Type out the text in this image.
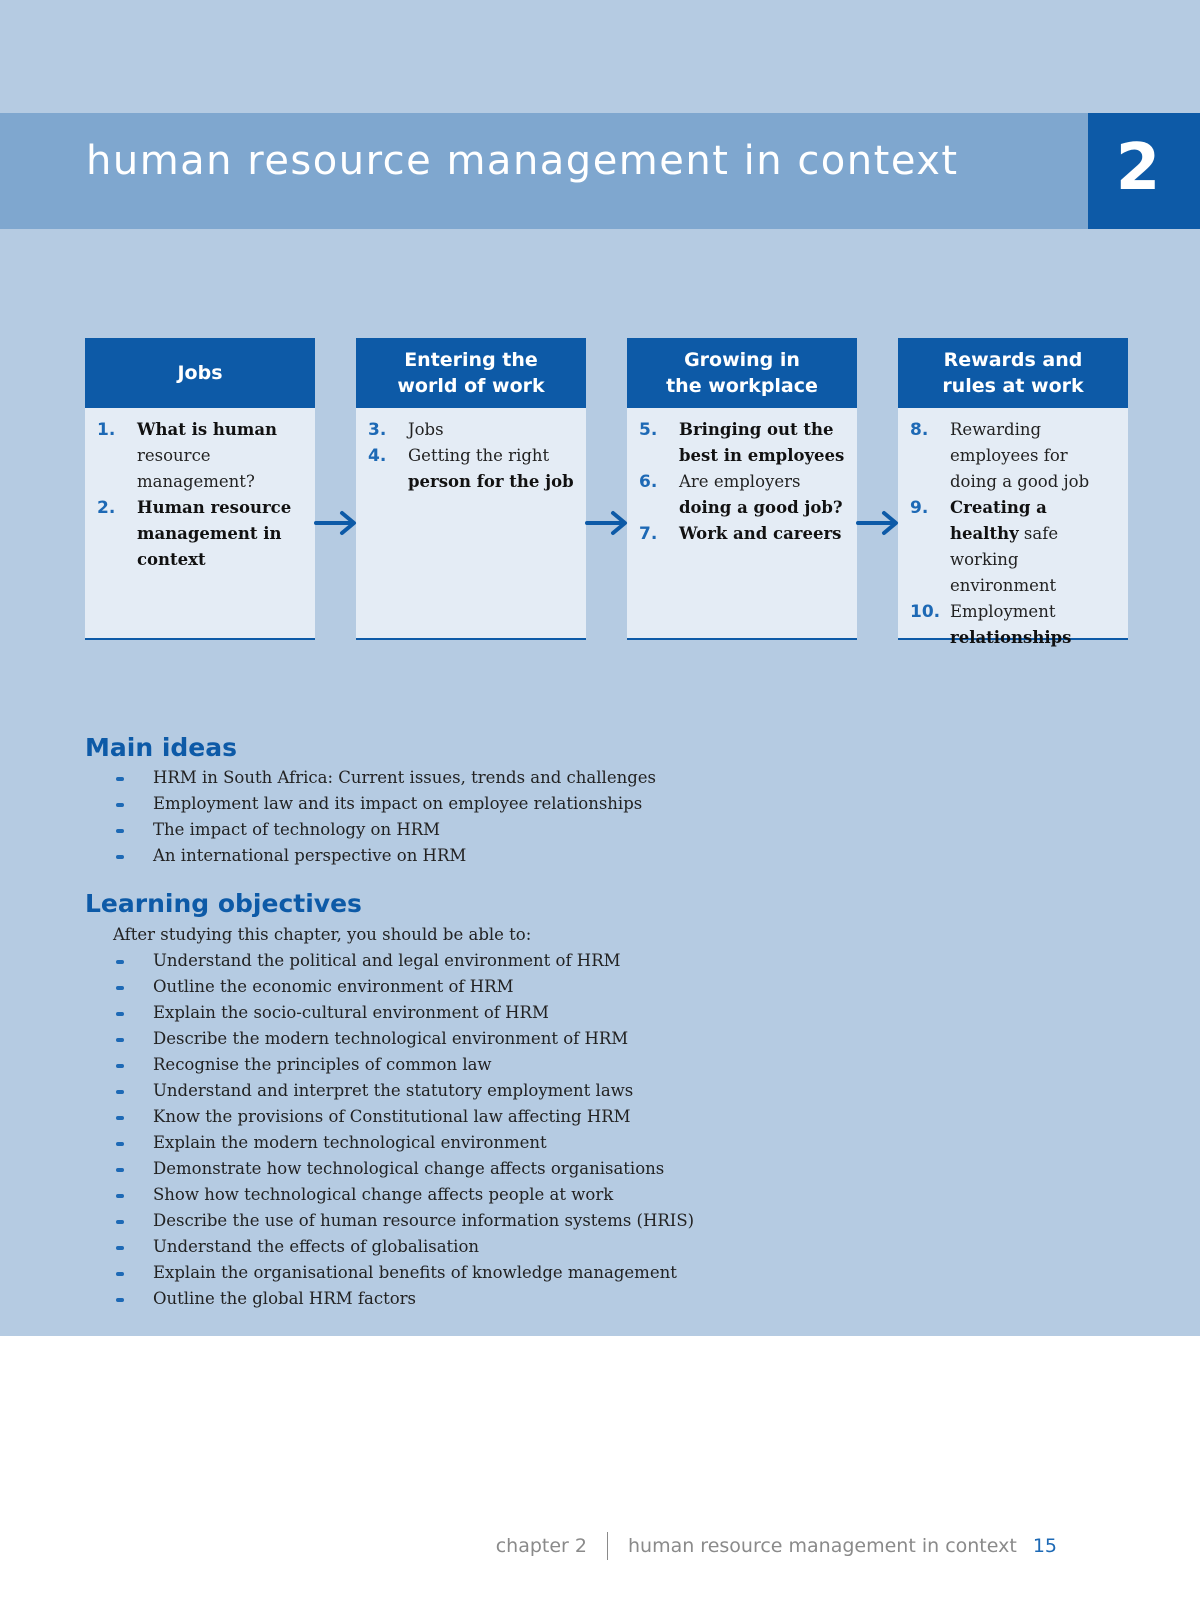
human resource management in context	2
Jobs
1.	What is human resource management?
2.	Human resource management in context
Entering the
world of work
3.	Jobs
4.	Getting the right person for the job
Growing in
the workplace
5.	Bringing out the best in employees
6.	Are employers doing a good job?
7.	Work and careers
Rewards and
rules at work
8.	Rewarding employees for doing a good job
9.	Creating a healthy safe working environment
10. Employment relationships
Main ideas
HRM in South Africa: Current issues, trends and challenges
Employment law and its impact on employee relationships
The impact of technology on HRM
An international perspective on HRM
Learning objectives
After studying this chapter, you should be able to:
Understand the political and legal environment of HRM
Outline the economic environment of HRM
Explain the socio-cultural environment of HRM
Describe the modern technological environment of HRM
Recognise the principles of common law
Understand and interpret the statutory employment laws
Know the provisions of Constitutional law affecting HRM
Explain the modern technological environment
Demonstrate how technological change affects organisations
Show how technological change affects people at work
Describe the use of human resource information systems (HRIS)
Understand the effects of globalisation
Explain the organisational benefits of knowledge management
Outline the global HRM factors
chapter 2 human resource management in context 15
